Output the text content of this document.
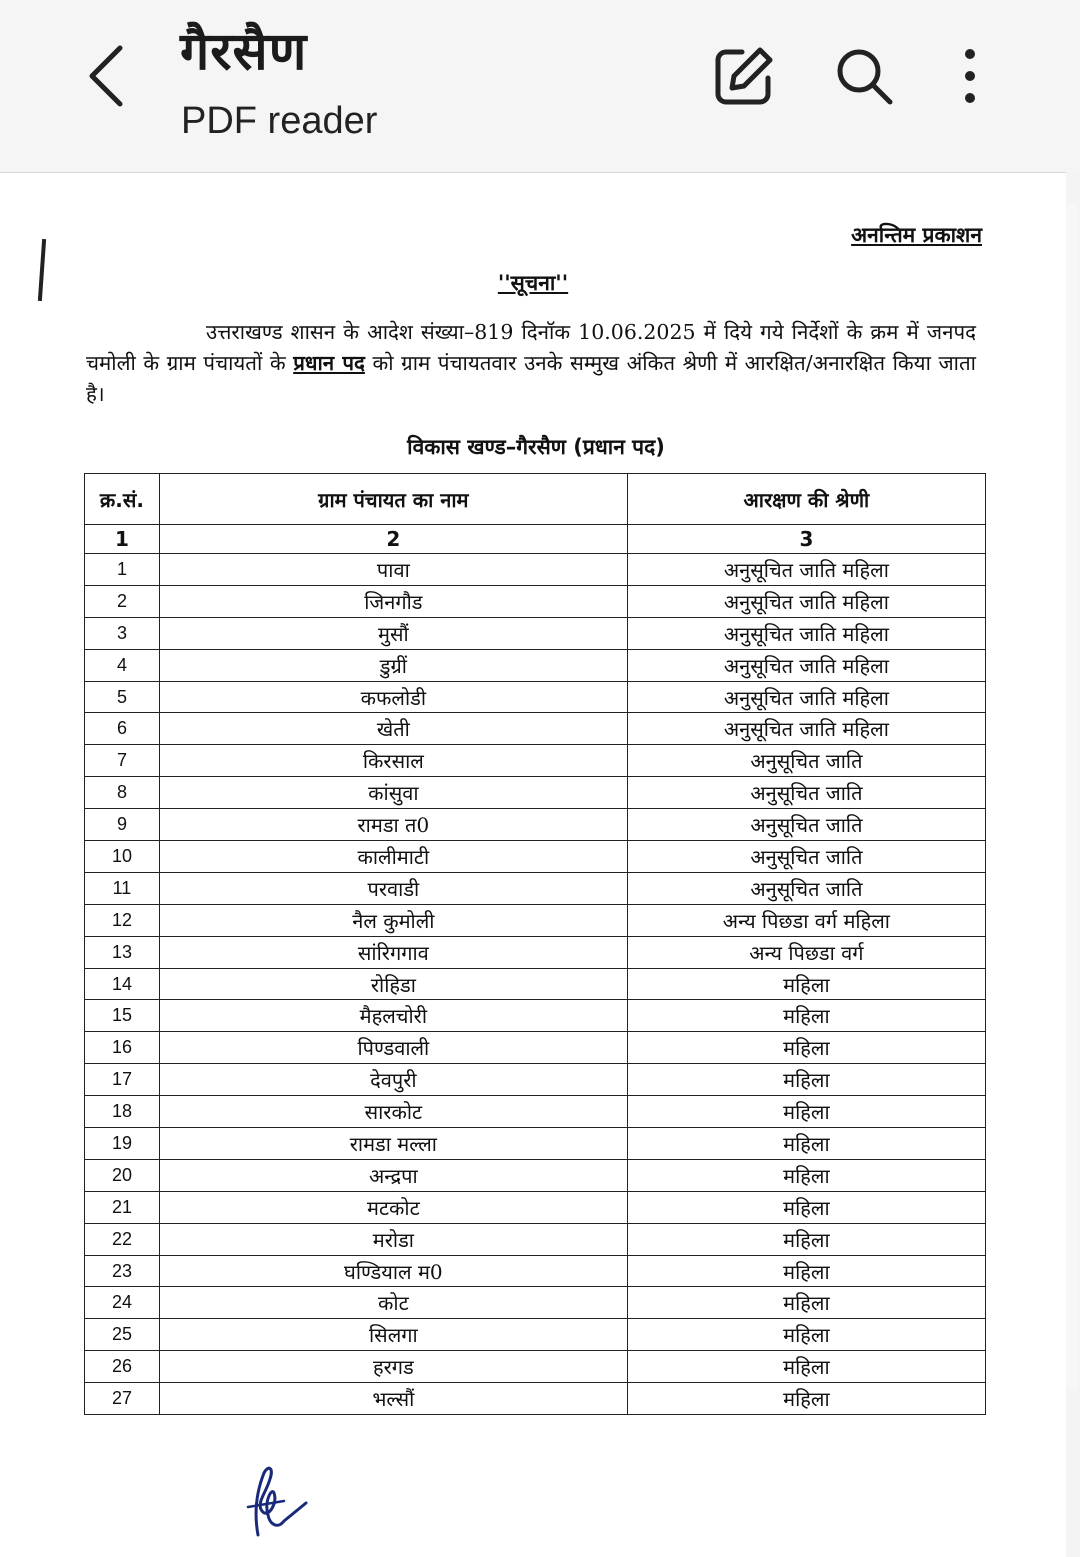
गैरसैण
PDF reader
अनन्तिम प्रकाशन
''सूचना''
उत्तराखण्ड शासन के आदेश संख्या–819 दिनॉक 10.06.2025 में दिये गये निर्देशों के क्रम में जनपद चमोली के ग्राम पंचायतों के प्रधान पद को ग्राम पंचायतवार उनके सम्मुख अंकित श्रेणी में आरक्षित/अनारक्षित किया जाता है।
विकास खण्ड–गैरसैण (प्रधान पद)
क्र.सं.	ग्राम पंचायत का नाम	आरक्षण की श्रेणी
1	2	3
1	पावा	अनुसूचित जाति महिला
2	जिनगौड	अनुसूचित जाति महिला
3	मुसौं	अनुसूचित जाति महिला
4	डुग्रीं	अनुसूचित जाति महिला
5	कफलोडी	अनुसूचित जाति महिला
6	खेती	अनुसूचित जाति महिला
7	किरसाल	अनुसूचित जाति
8	कांसुवा	अनुसूचित जाति
9	रामडा त0	अनुसूचित जाति
10	कालीमाटी	अनुसूचित जाति
11	परवाडी	अनुसूचित जाति
12	नैल कुमोली	अन्य पिछडा वर्ग महिला
13	सांरिगगाव	अन्य पिछडा वर्ग
14	रोहिडा	महिला
15	मैहलचोरी	महिला
16	पिण्डवाली	महिला
17	देवपुरी	महिला
18	सारकोट	महिला
19	रामडा मल्ला	महिला
20	अन्द्रपा	महिला
21	मटकोट	महिला
22	मरोडा	महिला
23	घण्डियाल म0	महिला
24	कोट	महिला
25	सिलगा	महिला
26	हरगड	महिला
27	भल्सौं	महिला
